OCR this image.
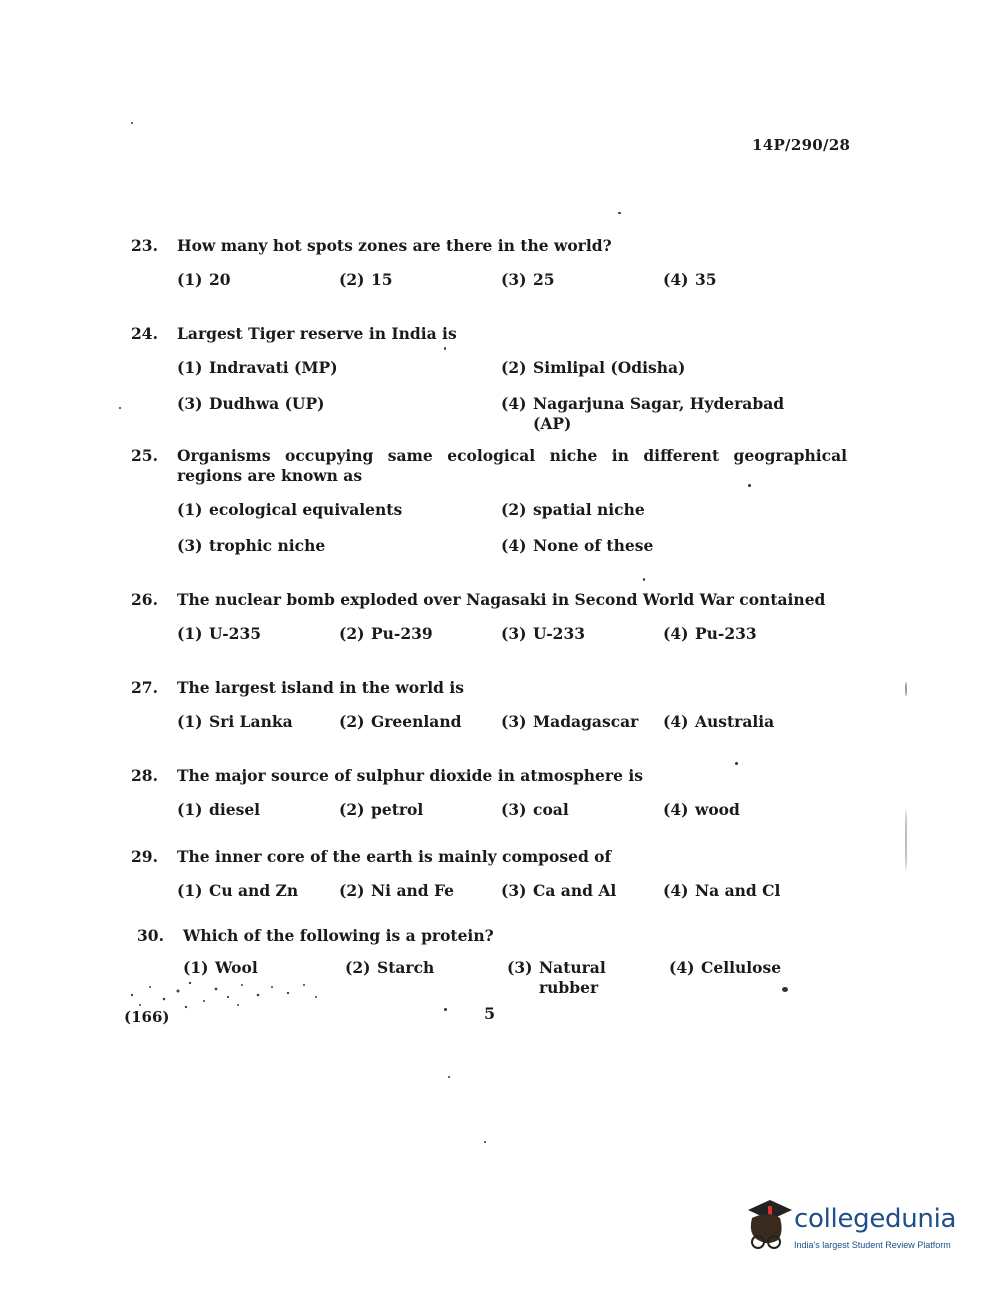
14P/290/28
23.	How many hot spots zones are there in the world?
(1) 20	(2) 15	(3) 25	(4) 35
24.	Largest Tiger reserve in India is
(1) Indravati (MP)	(2) Simlipal (Odisha)
(3) Dudhwa (UP)	(4) Nagarjuna Sagar, Hyderabad (AP)
25.	Organisms occupying same ecological niche in different geographical regions are known as
(1) ecological equivalents	(2) spatial niche
(3) trophic niche	(4) None of these
26.	The nuclear bomb exploded over Nagasaki in Second World War contained
(1) U-235	(2) Pu-239	(3) U-233	(4) Pu-233
27.	The largest island in the world is
(1) Sri Lanka	(2) Greenland	(3) Madagascar (4) Australia
28.	The major source of sulphur dioxide in atmosphere is
(1) diesel	(2) petrol	(3) coal	(4) wood
29.	The inner core of the earth is mainly composed of
(1) Cu and Zn	(2) Ni and Fe	(3) Ca and Al	(4) Na and Cl
30.	Which of the following is a protein?
(1) Wool	(2) Starch	(3) Natural rubber
(4) Cellulose
(166)	5
collegedunia
India's largest Student Review Platform
